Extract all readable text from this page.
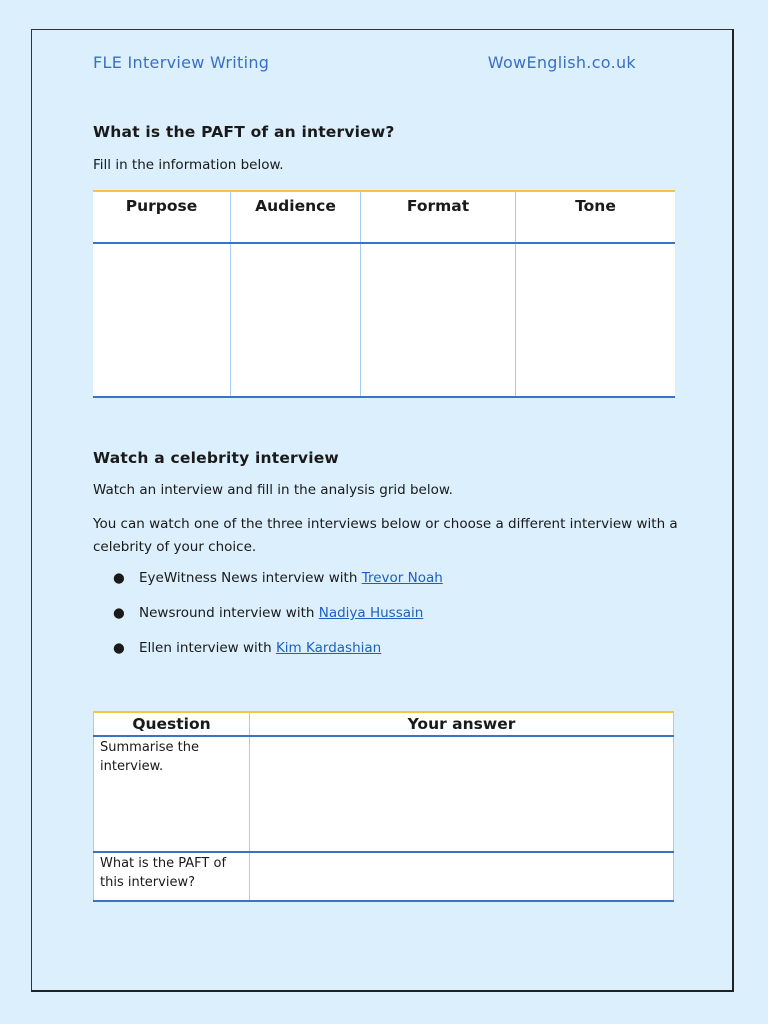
FLE Interview Writing	WowEnglish.co.uk
What is the PAFT of an interview?
Fill in the information below.
Purpose	Audience	Format	Tone

Watch a celebrity interview
Watch an interview and fill in the analysis grid below.
You can watch one of the three interviews below or choose a different interview with a
celebrity of your choice.
●	EyeWitness News interview with Trevor Noah
●	Newsround interview with Nadiya Hussain
●	Ellen interview with Kim Kardashian
Question	Your answer
Summarise the interview.	
What is the PAFT of this interview?	
